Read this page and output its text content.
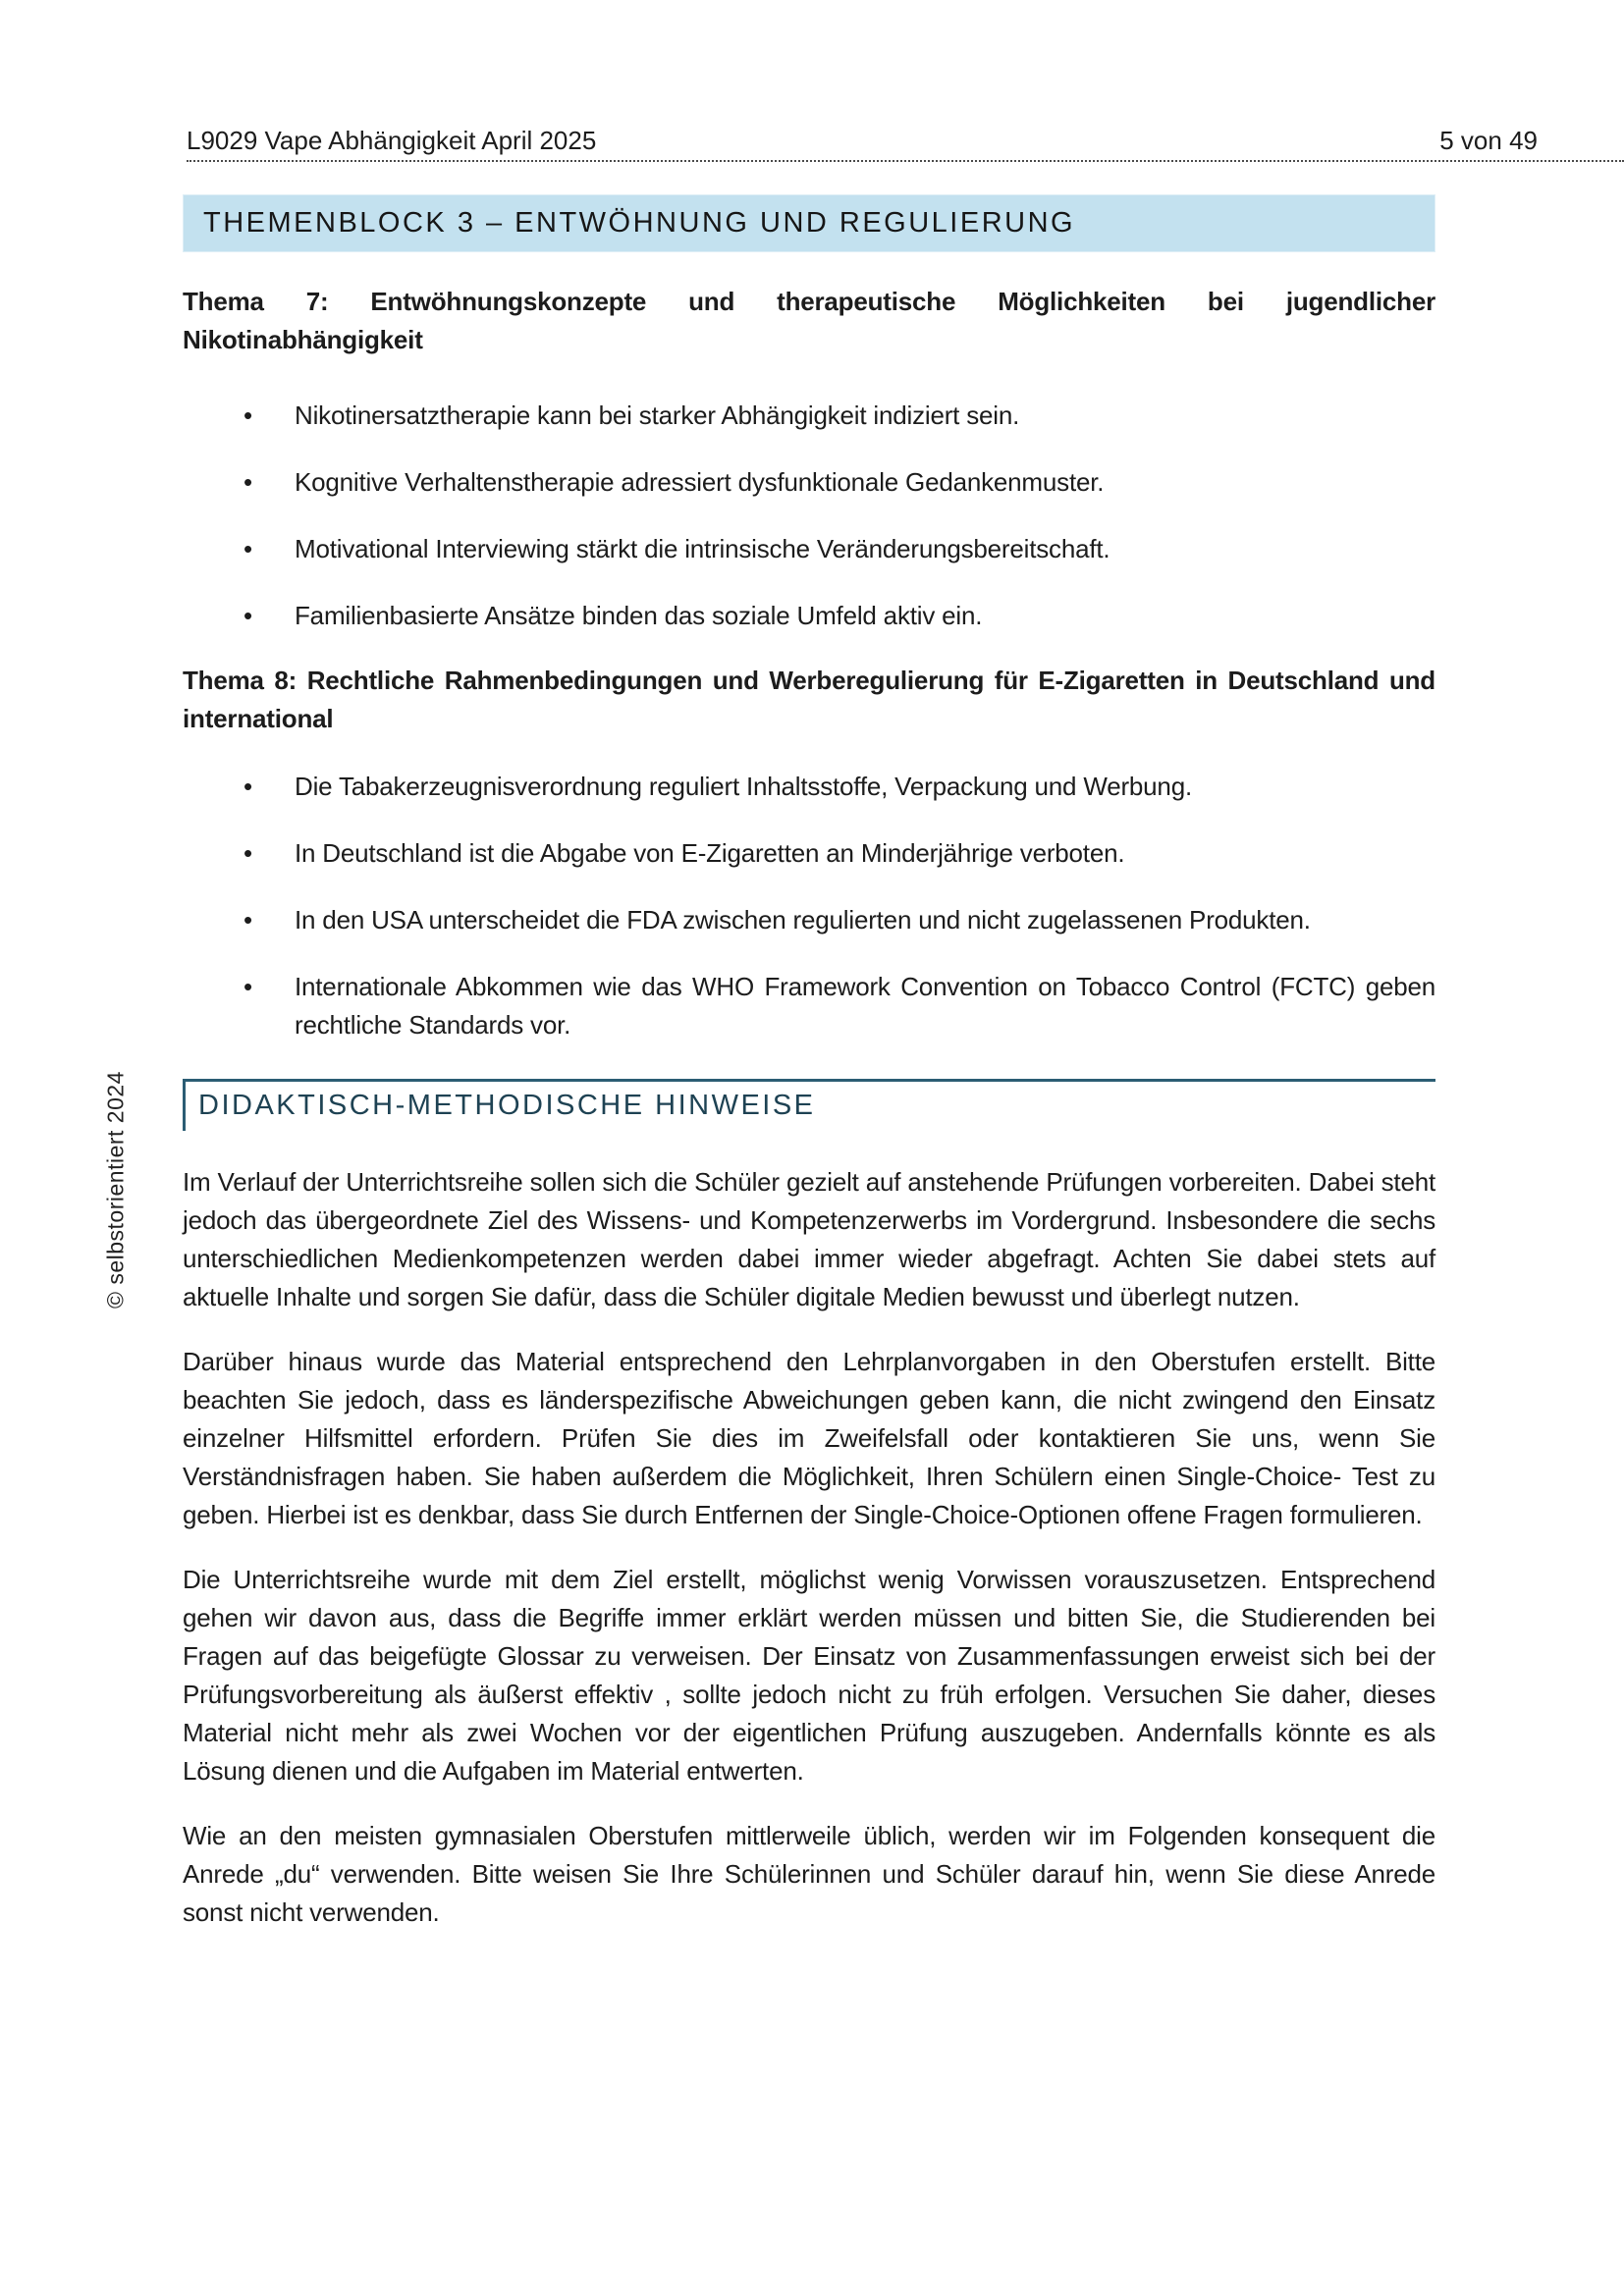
L9029 Vape Abhängigkeit April 2025	5 von 49
© selbstorientiert 2024
THEMENBLOCK 3 – ENTWÖHNUNG UND REGULIERUNG

Thema 7: Entwöhnungskonzepte und therapeutische Möglichkeiten bei jugendlicher Nikotinabhängigkeit

• Nikotinersatztherapie kann bei starker Abhängigkeit indiziert sein.
• Kognitive Verhaltenstherapie adressiert dysfunktionale Gedankenmuster.
• Motivational Interviewing stärkt die intrinsische Veränderungsbereitschaft.
• Familienbasierte Ansätze binden das soziale Umfeld aktiv ein.

Thema 8: Rechtliche Rahmenbedingungen und Werberegulierung für E-Zigaretten in Deutschland und international

• Die Tabakerzeugnisverordnung reguliert Inhaltsstoffe, Verpackung und Werbung.
• In Deutschland ist die Abgabe von E-Zigaretten an Minderjährige verboten.
• In den USA unterscheidet die FDA zwischen regulierten und nicht zugelassenen Produkten.
• Internationale Abkommen wie das WHO Framework Convention on Tobacco Control (FCTC) geben rechtliche Standards vor.
DIDAKTISCH-METHODISCHE HINWEISE

Im Verlauf der Unterrichtsreihe sollen sich die Schüler gezielt auf anstehende Prüfungen vorbereiten. Dabei steht jedoch das übergeordnete Ziel des Wissens- und Kompetenzerwerbs im Vordergrund. Insbesondere die sechs unterschiedlichen Medienkompetenzen werden dabei immer wieder abgefragt. Achten Sie dabei stets auf aktuelle Inhalte und sorgen Sie dafür, dass die Schüler digitale Medien bewusst und überlegt nutzen.

Darüber hinaus wurde das Material entsprechend den Lehrplanvorgaben in den Oberstufen erstellt. Bitte beachten Sie jedoch, dass es länderspezifische Abweichungen geben kann, die nicht zwingend den Einsatz einzelner Hilfsmittel erfordern. Prüfen Sie dies im Zweifelsfall oder kontaktieren Sie uns, wenn Sie Verständnisfragen haben. Sie haben außerdem die Möglichkeit, Ihren Schülern einen Single-Choice- Test zu geben. Hierbei ist es denkbar, dass Sie durch Entfernen der Single-Choice-Optionen offene Fragen formulieren.

Die Unterrichtsreihe wurde mit dem Ziel erstellt, möglichst wenig Vorwissen vorauszusetzen. Entsprechend gehen wir davon aus, dass die Begriffe immer erklärt werden müssen und bitten Sie, die Studierenden bei Fragen auf das beigefügte Glossar zu verweisen. Der Einsatz von Zusammenfassungen erweist sich bei der Prüfungsvorbereitung als äußerst effektiv , sollte jedoch nicht zu früh erfolgen. Versuchen Sie daher, dieses Material nicht mehr als zwei Wochen vor der eigentlichen Prüfung auszugeben. Andernfalls könnte es als Lösung dienen und die Aufgaben im Material entwerten.

Wie an den meisten gymnasialen Oberstufen mittlerweile üblich, werden wir im Folgenden konsequent die Anrede „du“ verwenden. Bitte weisen Sie Ihre Schülerinnen und Schüler darauf hin, wenn Sie diese Anrede sonst nicht verwenden.
